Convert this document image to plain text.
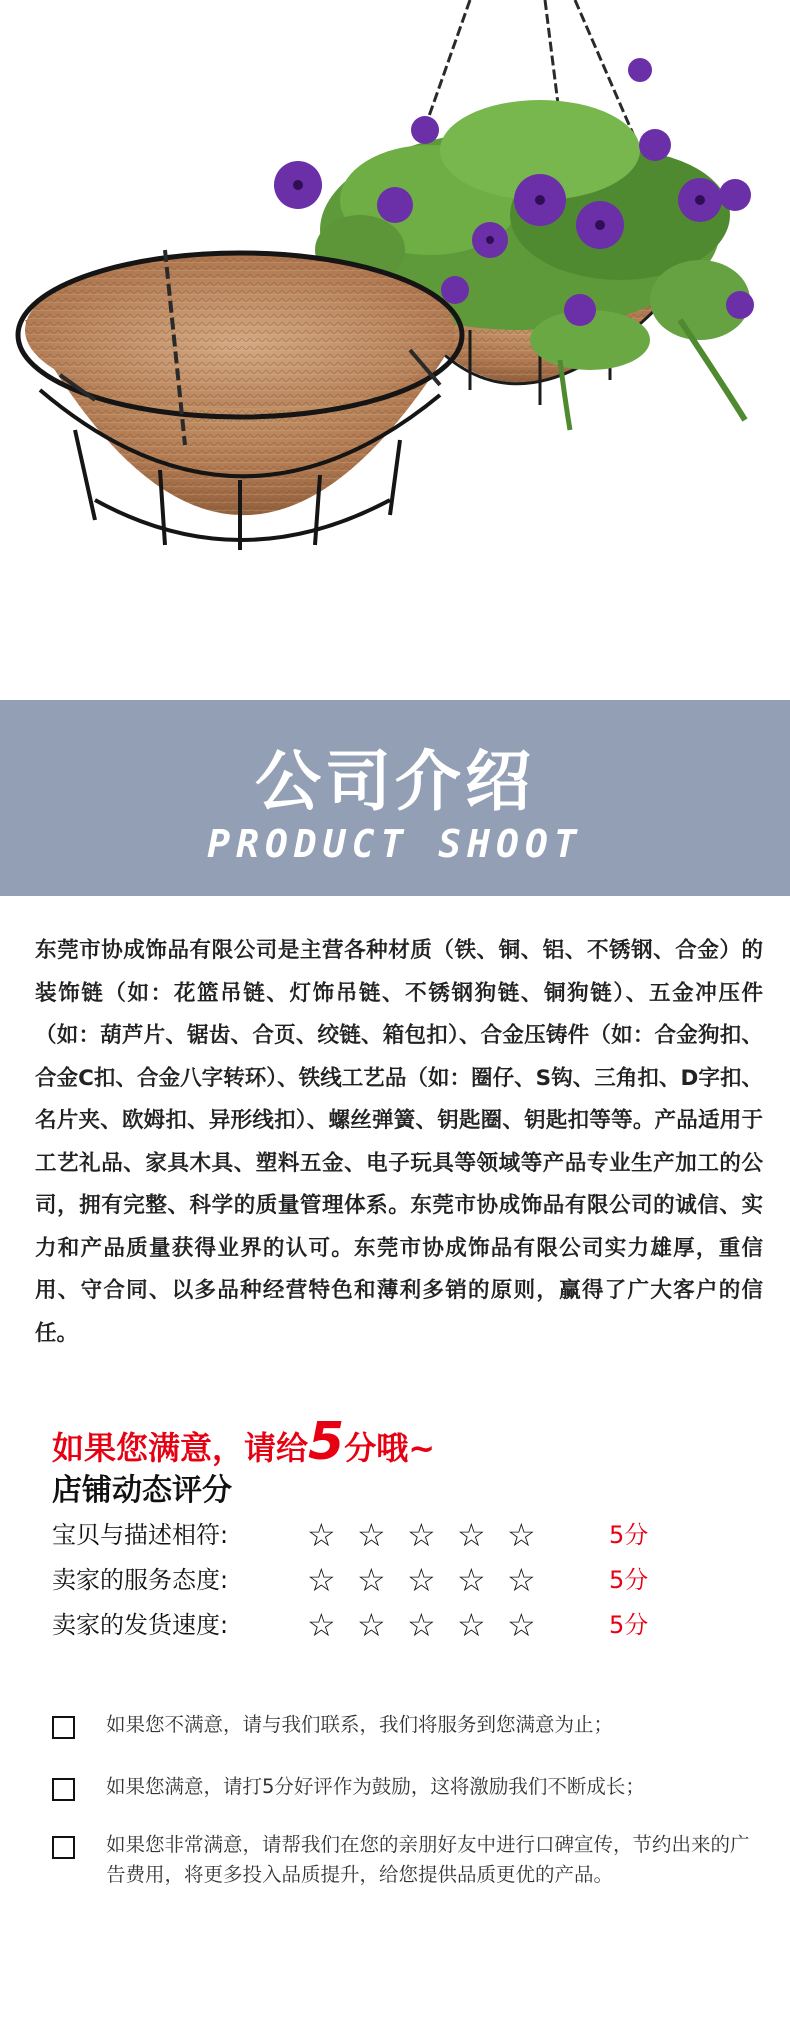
公司介绍
PRODUCT SHOOT
东莞市协成饰品有限公司是主营各种材质（铁、铜、铝、不锈钢、合金）的装饰链（如：花篮吊链、灯饰吊链、不锈钢狗链、铜狗链）、五金冲压件（如：葫芦片、锯齿、合页、绞链、箱包扣）、合金压铸件（如：合金狗扣、合金C扣、合金八字转环）、铁线工艺品（如：圈仔、S钩、三角扣、D字扣、名片夹、欧姆扣、异形线扣）、螺丝弹簧、钥匙圈、钥匙扣等等。产品适用于工艺礼品、家具木具、塑料五金、电子玩具等领域等产品专业生产加工的公司，拥有完整、科学的质量管理体系。东莞市协成饰品有限公司的诚信、实力和产品质量获得业界的认可。东莞市协成饰品有限公司实力雄厚，重信用、守合同、以多品种经营特色和薄利多销的原则，赢得了广大客户的信任。
如果您满意，请给5分哦~
店铺动态评分
宝贝与描述相符: ☆☆☆☆☆ 5分
卖家的服务态度: ☆☆☆☆☆ 5分
卖家的发货速度: ☆☆☆☆☆ 5分
如果您不满意，请与我们联系，我们将服务到您满意为止；
如果您满意，请打5分好评作为鼓励，这将激励我们不断成长；
如果您非常满意，请帮我们在您的亲朋好友中进行口碑宣传，节约出来的广告费用，将更多投入品质提升，给您提供品质更优的产品。
